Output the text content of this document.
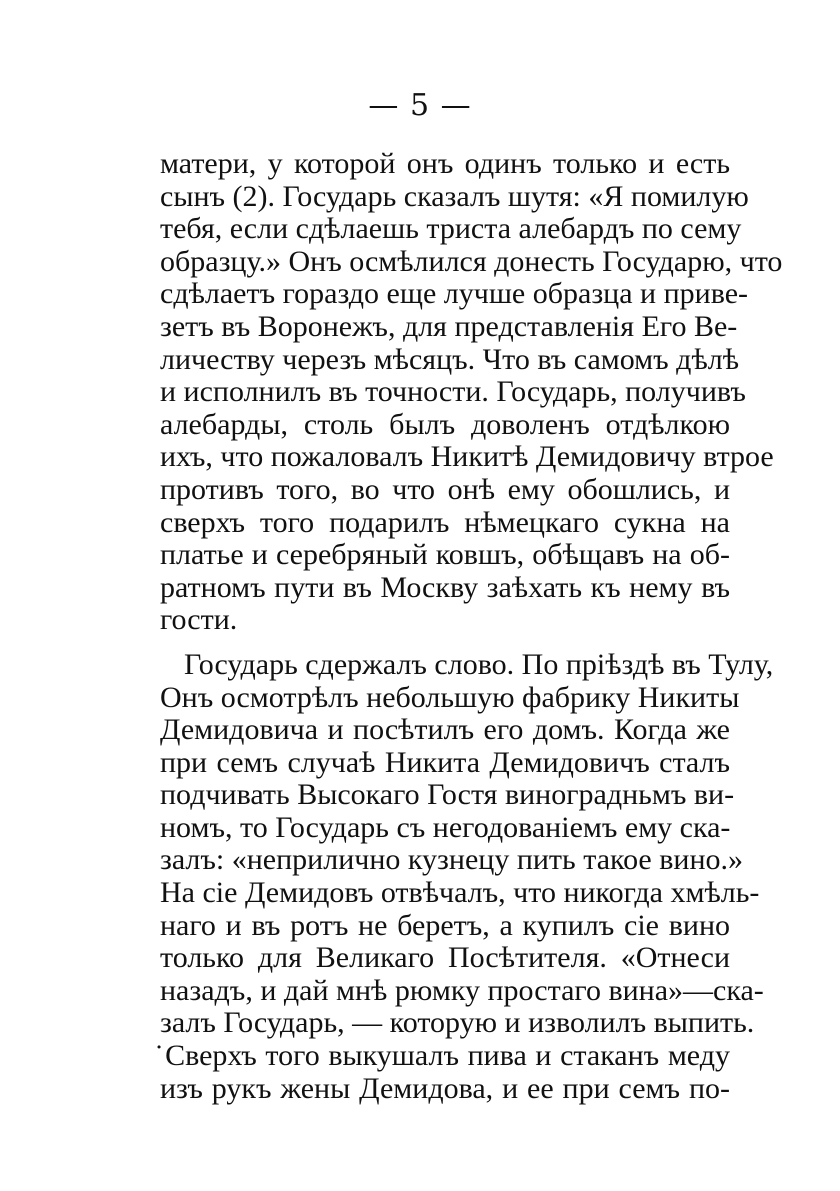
— 5 —
матери, у которой онъ одинъ только и есть
сынъ (2). Государь сказалъ шутя: «Я помилую
тебя, если сдѣлаешь триста алебардъ по сему
образцу.» Онъ осмѣлился донесть Государю, что
сдѣлаетъ гораздо еще лучше образца и приве-
зетъ въ Воронежъ, для представленія Его Ве-
личеству черезъ мѣсяцъ. Что въ самомъ дѣлѣ
и исполнилъ въ точности. Государь, получивъ
алебарды, столь былъ доволенъ отдѣлкою
ихъ, что пожаловалъ Никитѣ Демидовичу втрое
противъ того, во что онѣ ему обошлись, и
сверхъ того подарилъ нѣмецкаго сукна на
платье и серебряный ковшъ, обѣщавъ на об-
ратномъ пути въ Москву заѣхать къ нему въ
гости.
Государь сдержалъ слово. По пріѣздѣ въ Тулу,
Онъ осмотрѣлъ небольшую фабрику Никиты
Демидовича и посѣтилъ его домъ. Когда же
при семъ случаѣ Никита Демидовичъ сталъ
подчивать Высокаго Гостя виноградньмъ ви-
номъ, то Государь съ негодованіемъ ему ска-
залъ: «неприлично кузнецу пить такое вино.»
На сіе Демидовъ отвѣчалъ, что никогда хмѣль-
наго и въ ротъ не беретъ, а купилъ сіе вино
только для Великаго Посѣтителя. «Отнеси
назадъ, и дай мнѣ рюмку простаго вина»—ска-
залъ Государь, — которую и изволилъ выпить.
˙Сверхъ того выкушалъ пива и стаканъ меду
изъ рукъ жены Демидова, и ее при семъ по-
